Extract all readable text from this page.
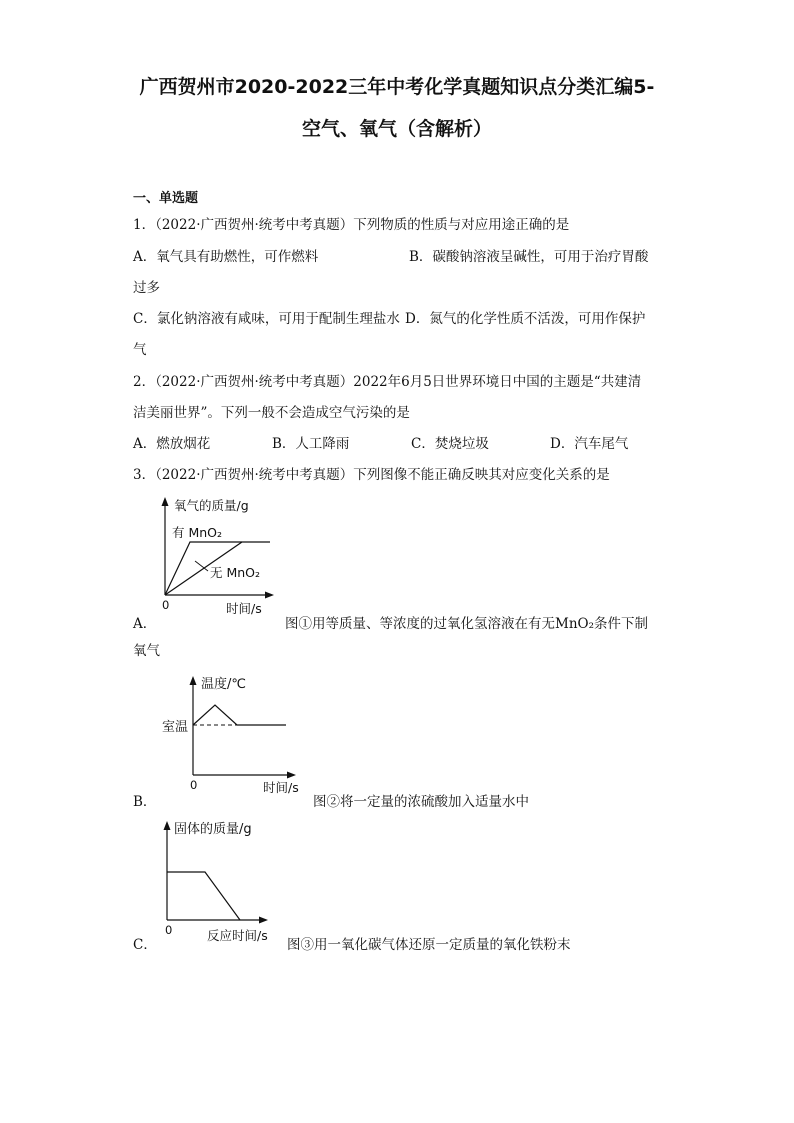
广西贺州市2020-2022三年中考化学真题知识点分类汇编5-
空气、氧气（含解析）
一、单选题
1．（2022·广西贺州·统考中考真题）下列物质的性质与对应用途正确的是
A．氧气具有助燃性，可作燃料	B．碳酸钠溶液呈碱性，可用于治疗胃酸
过多
C．氯化钠溶液有咸味，可用于配制生理盐水 D．氮气的化学性质不活泼，可用作保护
气
2．（2022·广西贺州·统考中考真题）2022年6月5日世界环境日中国的主题是“共建清
洁美丽世界”。下列一般不会造成空气污染的是
A．燃放烟花	B．人工降雨	C．焚烧垃圾	D．汽车尾气
3．（2022·广西贺州·统考中考真题）下列图像不能正确反映其对应变化关系的是
氧气的质量/g
有 MnO₂
无 MnO₂
0	时间/s
A．	图①用等质量、等浓度的过氧化氢溶液在有无MnO₂条件下制
氧气
温度/℃
室温
0	时间/s
B．	图②将一定量的浓硫酸加入适量水中
固体的质量/g
0	反应时间/s
C．	图③用一氧化碳气体还原一定质量的氧化铁粉末
